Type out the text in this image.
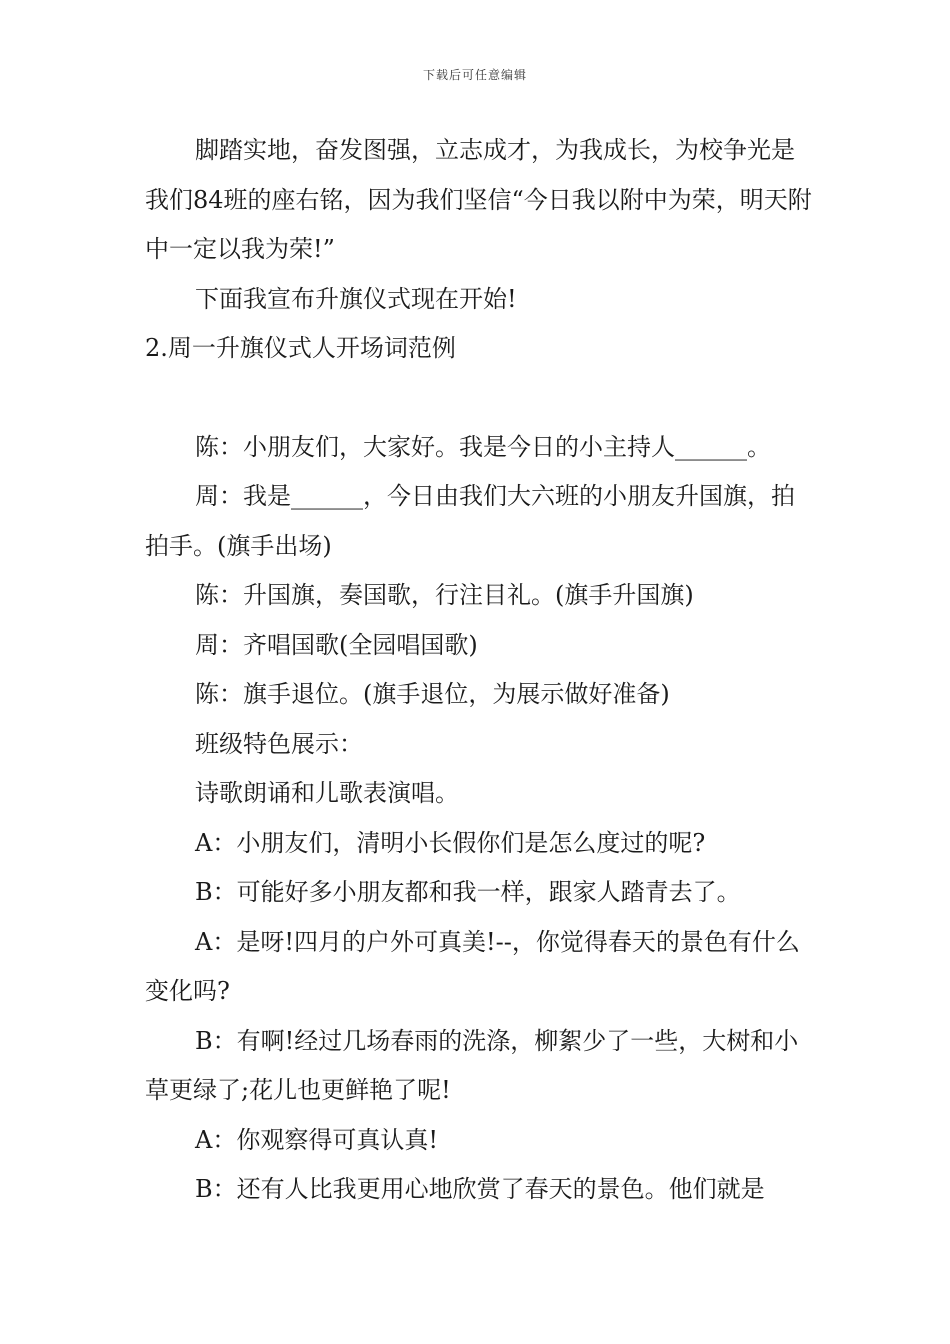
下载后可任意编辑

脚踏实地，奋发图强，立志成才，为我成长，为校争光是我们84班的座右铭，因为我们坚信“今日我以附中为荣，明天附中一定以我为荣!”

下面我宣布升旗仪式现在开始!

2.周一升旗仪式人开场词范例

陈：小朋友们，大家好。我是今日的小主持人______。

周：我是______，今日由我们大六班的小朋友升国旗，拍拍手。(旗手出场)

陈：升国旗，奏国歌，行注目礼。(旗手升国旗)

周：齐唱国歌(全园唱国歌)

陈：旗手退位。(旗手退位，为展示做好准备)

班级特色展示：

诗歌朗诵和儿歌表演唱。

A：小朋友们，清明小长假你们是怎么度过的呢?

B：可能好多小朋友都和我一样，跟家人踏青去了。

A：是呀!四月的户外可真美!--，你觉得春天的景色有什么变化吗?

B：有啊!经过几场春雨的洗涤，柳絮少了一些，大树和小草更绿了;花儿也更鲜艳了呢!

A：你观察得可真认真!

B：还有人比我更用心地欣赏了春天的景色。他们就是
